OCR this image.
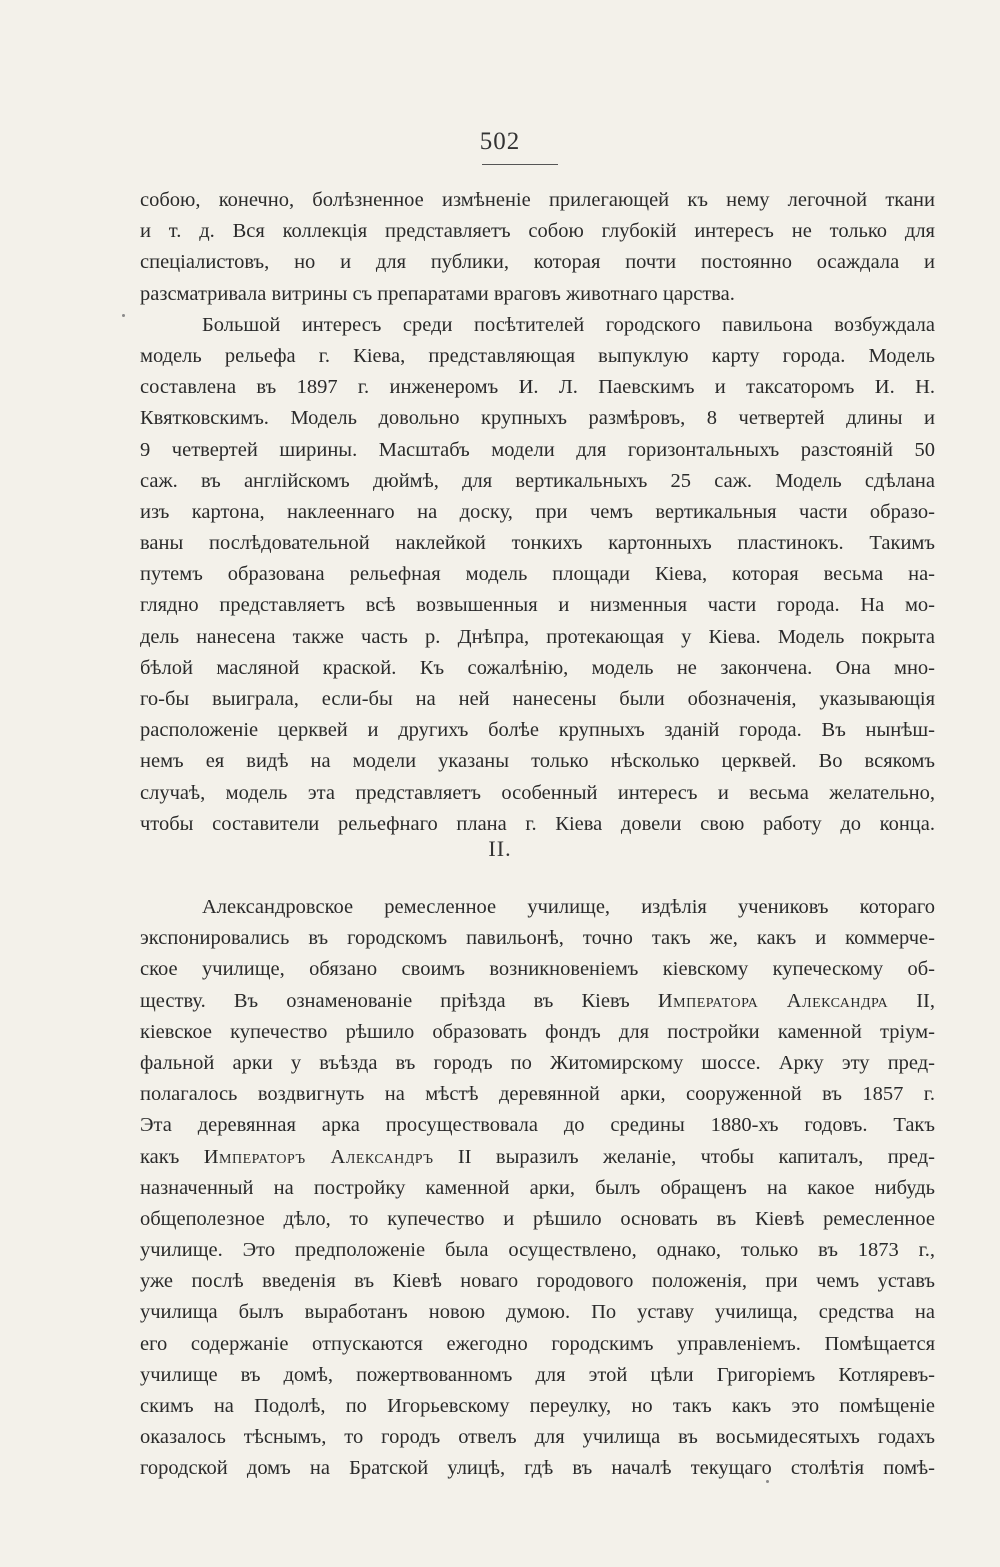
502
собою, конечно, болѣзненное измѣненіе прилегающей къ нему легочной ткани
и т. д. Вся коллекція представляетъ собою глубокій интересъ не только для
спеціалистовъ, но и для публики, которая почти постоянно осаждала и
разсматривала витрины съ препаратами враговъ животнаго царства.
Большой интересъ среди посѣтителей городского павильона возбуждала
модель рельефа г. Кіева, представляющая выпуклую карту города. Модель
составлена въ 1897 г. инженеромъ И. Л. Паевскимъ и таксаторомъ И. Н.
Квятковскимъ. Модель довольно крупныхъ размѣровъ, 8 четвертей длины и
9 четвертей ширины. Масштабъ модели для горизонтальныхъ разстояній 50
саж. въ англійскомъ дюймѣ, для вертикальныхъ 25 саж. Модель сдѣлана
изъ картона, наклееннаго на доску, при чемъ вертикальныя части образо-
ваны послѣдовательной наклейкой тонкихъ картонныхъ пластинокъ. Такимъ
путемъ образована рельефная модель площади Кіева, которая весьма на-
глядно представляетъ всѣ возвышенныя и низменныя части города. На мо-
дель нанесена также часть р. Днѣпра, протекающая у Кіева. Модель покрыта
бѣлой масляной краской. Къ сожалѣнію, модель не закончена. Она мно-
го-бы выиграла, если-бы на ней нанесены были обозначенія, указывающія
расположеніе церквей и другихъ болѣе крупныхъ зданій города. Въ нынѣш-
немъ ея видѣ на модели указаны только нѣсколько церквей. Во всякомъ
случаѣ, модель эта представляетъ особенный интересъ и весьма желательно,
чтобы составители рельефнаго плана г. Кіева довели свою работу до конца.
II.
Александровское ремесленное училище, издѣлія учениковъ котораго
экспонировались въ городскомъ павильонѣ, точно такъ же, какъ и коммерче-
ское училище, обязано своимъ возникновеніемъ кіевскому купеческому об-
ществу. Въ ознаменованіе пріѣзда въ Кіевъ Императора Александра II,
кіевское купечество рѣшило образовать фондъ для постройки каменной тріум-
фальной арки у въѣзда въ городъ по Житомирскому шоссе. Арку эту пред-
полагалось воздвигнуть на мѣстѣ деревянной арки, сооруженной въ 1857 г.
Эта деревянная арка просуществовала до средины 1880-хъ годовъ. Такъ
какъ Императоръ Александръ II выразилъ желаніе, чтобы капиталъ, пред-
назначенный на постройку каменной арки, былъ обращенъ на какое нибудь
общеполезное дѣло, то купечество и рѣшило основать въ Кіевѣ ремесленное
училище. Это предположеніе была осуществлено, однако, только въ 1873 г.,
уже послѣ введенія въ Кіевѣ новаго городового положенія, при чемъ уставъ
училища былъ выработанъ новою думою. По уставу училища, средства на
его содержаніе отпускаются ежегодно городскимъ управленіемъ. Помѣщается
училище въ домѣ, пожертвованномъ для этой цѣли Григоріемъ Котляревъ-
скимъ на Подолѣ, по Игорьевскому переулку, но такъ какъ это помѣщеніе
оказалось тѣснымъ, то городъ отвелъ для училища въ восьмидесятыхъ годахъ
городской домъ на Братской улицѣ, гдѣ въ началѣ текущаго столѣтія помѣ-
